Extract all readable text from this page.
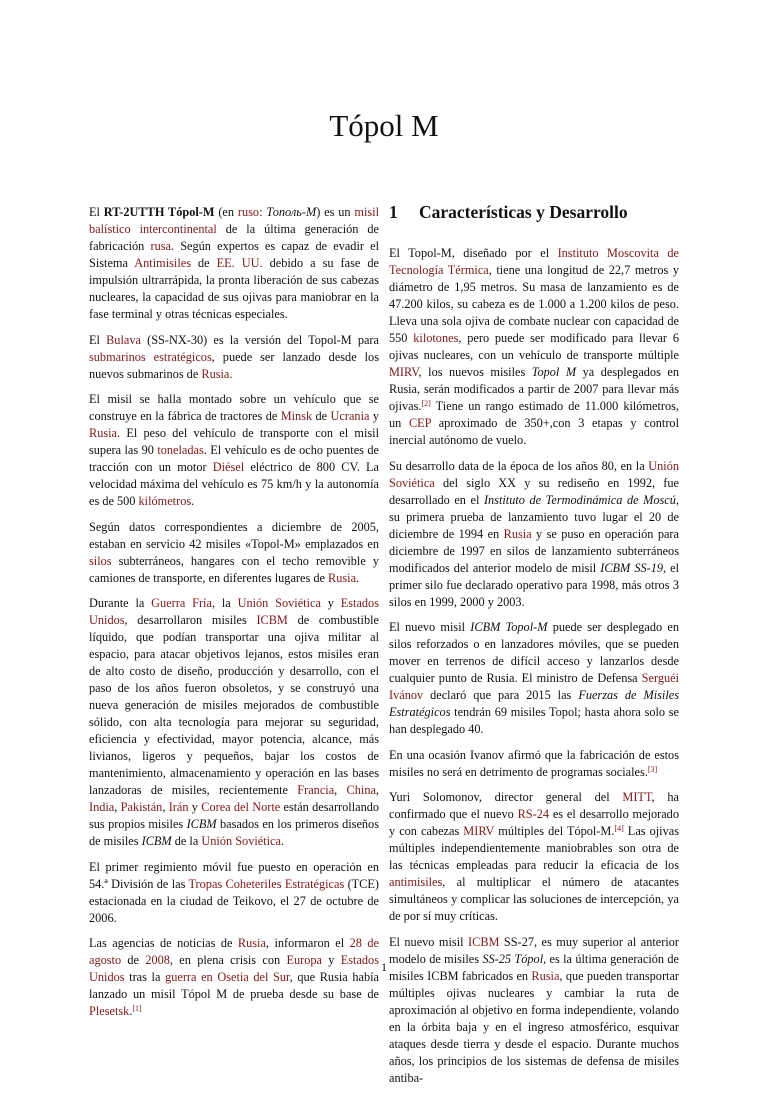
Tópol M

El RT-2UTTH Tópol-M (en ruso: Тополь-М) es un misil balístico intercontinental de la última generación de fabricación rusa. Según expertos es capaz de evadir el Sistema Antimisiles de EE. UU. debido a su fase de impulsión ultrarrápida, la pronta liberación de sus cabezas nucleares, la capacidad de sus ojivas para maniobrar en la fase terminal y otras técnicas especiales.

El Bulava (SS-NX-30) es la versión del Topol-M para submarinos estratégicos, puede ser lanzado desde los nuevos submarinos de Rusia.

El misil se halla montado sobre un vehículo que se construye en la fábrica de tractores de Minsk de Ucrania y Rusia. El peso del vehículo de transporte con el misil supera las 90 toneladas. El vehículo es de ocho puentes de tracción con un motor Diésel eléctrico de 800 CV. La velocidad máxima del vehículo es 75 km/h y la autonomía es de 500 kilómetros.

Según datos correspondientes a diciembre de 2005, estaban en servicio 42 misiles «Topol-M» emplazados en silos subterráneos, hangares con el techo removible y camiones de transporte, en diferentes lugares de Rusia.

Durante la Guerra Fría, la Unión Soviética y Estados Unidos, desarrollaron misiles ICBM de combustible líquido, que podían transportar una ojiva militar al espacio, para atacar objetivos lejanos, estos misiles eran de alto costo de diseño, producción y desarrollo, con el paso de los años fueron obsoletos, y se construyó una nueva generación de misiles mejorados de combustible sólido, con alta tecnología para mejorar su seguridad, eficiencia y efectividad, mayor potencia, alcance, más livianos, ligeros y pequeños, bajar los costos de mantenimiento, almacenamiento y operación en las bases lanzadoras de misiles, recientemente Francia, China, India, Pakistán, Irán y Corea del Norte están desarrollando sus propios misiles ICBM basados en los primeros diseños de misiles ICBM de la Unión Soviética.

El primer regimiento móvil fue puesto en operación en 54.ª División de las Tropas Coheteriles Estratégicas (TCE) estacionada en la ciudad de Teikovo, el 27 de octubre de 2006.

Las agencias de noticias de Rusia, informaron el 28 de agosto de 2008, en plena crisis con Europa y Estados Unidos tras la guerra en Osetia del Sur, que Rusia había lanzado un misil Tópol M de prueba desde su base de Plesetsk.[1]

1 Características y Desarrollo

El Topol-M, diseñado por el Instituto Moscovita de Tecnología Térmica, tiene una longitud de 22,7 metros y diámetro de 1,95 metros. Su masa de lanzamiento es de 47.200 kilos, su cabeza es de 1.000 a 1.200 kilos de peso. Lleva una sola ojiva de combate nuclear con capacidad de 550 kilotones, pero puede ser modificado para llevar 6 ojivas nucleares, con un vehículo de transporte múltiple MIRV, los nuevos misiles Topol M ya desplegados en Rusia, serán modificados a partir de 2007 para llevar más ojivas.[2] Tiene un rango estimado de 11.000 kilómetros, un CEP aproximado de 350+,con 3 etapas y control inercial autónomo de vuelo.

Su desarrollo data de la época de los años 80, en la Unión Soviética del siglo XX y su rediseño en 1992, fue desarrollado en el Instituto de Termodinámica de Moscú, su primera prueba de lanzamiento tuvo lugar el 20 de diciembre de 1994 en Rusia y se puso en operación para diciembre de 1997 en silos de lanzamiento subterráneos modificados del anterior modelo de misil ICBM SS-19, el primer silo fue declarado operativo para 1998, más otros 3 silos en 1999, 2000 y 2003.

El nuevo misil ICBM Topol-M puede ser desplegado en silos reforzados o en lanzadores móviles, que se pueden mover en terrenos de difícil acceso y lanzarlos desde cualquier punto de Rusia. El ministro de Defensa Serguéi Ivánov declaró que para 2015 las Fuerzas de Misiles Estratégicos tendrán 69 misiles Topol; hasta ahora solo se han desplegado 40.

En una ocasión Ivanov afirmó que la fabricación de estos misiles no será en detrimento de programas sociales.[3]

Yuri Solomonov, director general del MITT, ha confirmado que el nuevo RS-24 es el desarrollo mejorado y con cabezas MIRV múltiples del Tópol-M.[4] Las ojivas múltiples independientemente maniobrables son otra de las técnicas empleadas para reducir la eficacia de los antimisiles, al multiplicar el número de atacantes simultáneos y complicar las soluciones de intercepción, ya de por sí muy críticas.

El nuevo misil ICBM SS-27, es muy superior al anterior modelo de misiles SS-25 Tópol, es la última generación de misiles ICBM fabricados en Rusia, que pueden transportar múltiples ojivas nucleares y cambiar la ruta de aproximación al objetivo en forma independiente, volando en la órbita baja y en el ingreso atmosférico, esquivar ataques desde tierra y desde el espacio. Durante muchos años, los principios de los sistemas de defensa de misiles antiba-

1
